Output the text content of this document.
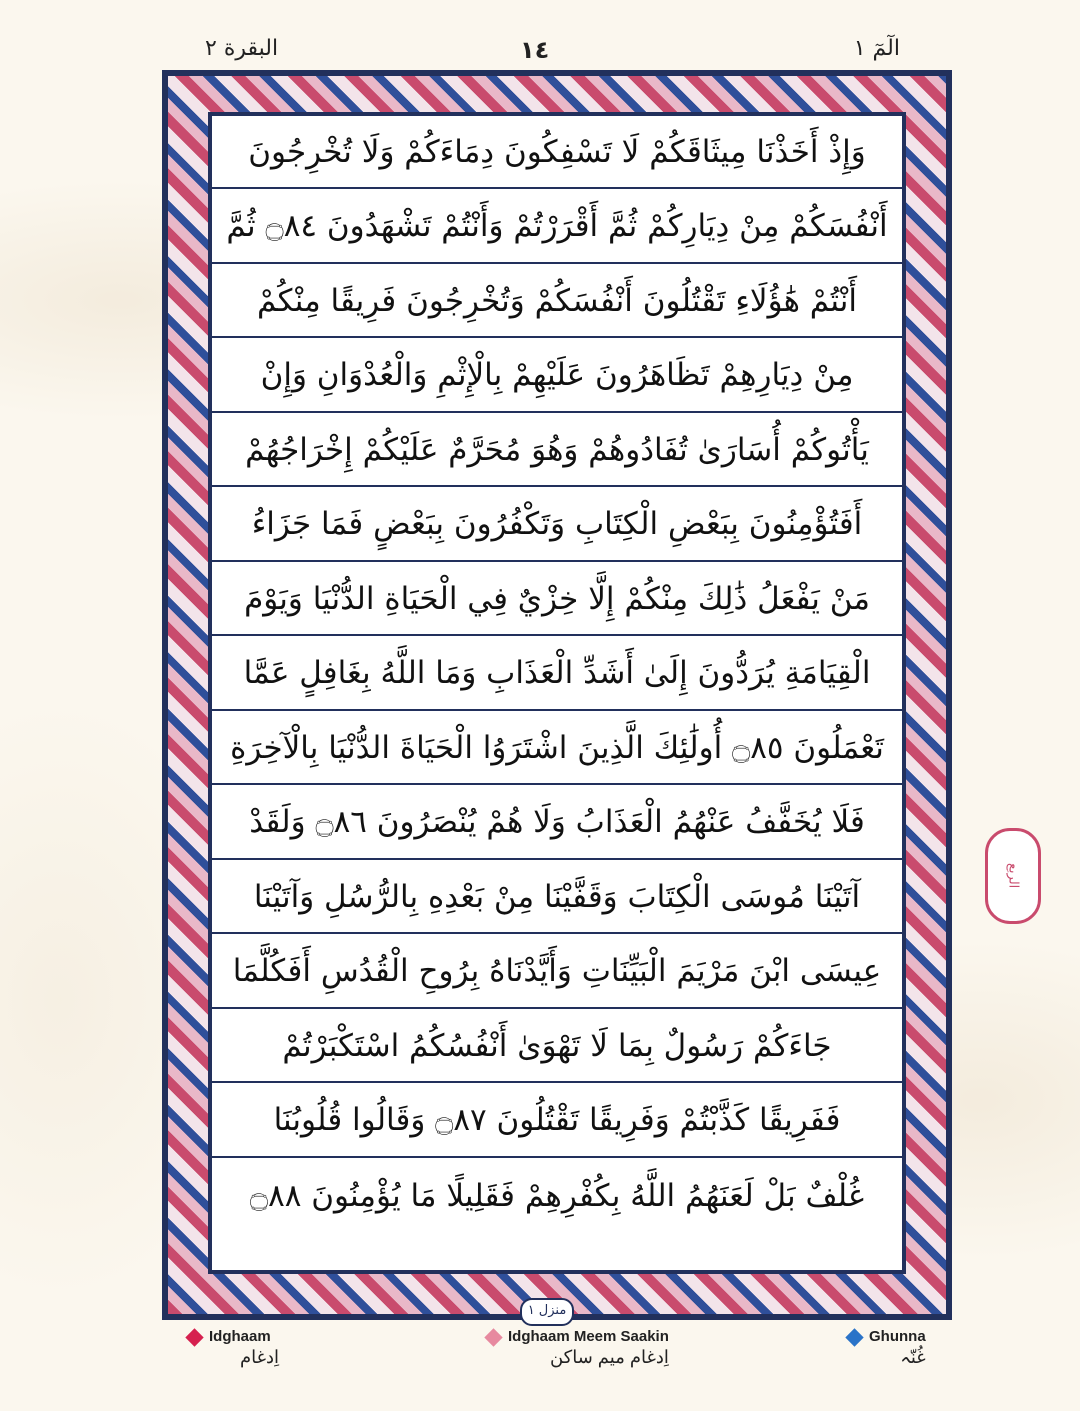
البقرة ٢	١٤	الٓمٓ ١
وَإِذْ أَخَذْنَا مِيثَاقَكُمْ لَا تَسْفِكُونَ دِمَاءَكُمْ وَلَا تُخْرِجُونَ
أَنْفُسَكُمْ مِنْ دِيَارِكُمْ ثُمَّ أَقْرَرْتُمْ وَأَنْتُمْ تَشْهَدُونَ ۝٨٤ ثُمَّ
أَنْتُمْ هَٰؤُلَاءِ تَقْتُلُونَ أَنْفُسَكُمْ وَتُخْرِجُونَ فَرِيقًا مِنْكُمْ
مِنْ دِيَارِهِمْ تَظَاهَرُونَ عَلَيْهِمْ بِالْإِثْمِ وَالْعُدْوَانِ وَإِنْ
يَأْتُوكُمْ أُسَارَىٰ تُفَادُوهُمْ وَهُوَ مُحَرَّمٌ عَلَيْكُمْ إِخْرَاجُهُمْ
أَفَتُؤْمِنُونَ بِبَعْضِ الْكِتَابِ وَتَكْفُرُونَ بِبَعْضٍ فَمَا جَزَاءُ
مَنْ يَفْعَلُ ذَٰلِكَ مِنْكُمْ إِلَّا خِزْيٌ فِي الْحَيَاةِ الدُّنْيَا وَيَوْمَ
الْقِيَامَةِ يُرَدُّونَ إِلَىٰ أَشَدِّ الْعَذَابِ وَمَا اللَّهُ بِغَافِلٍ عَمَّا
تَعْمَلُونَ ۝٨٥ أُولَٰئِكَ الَّذِينَ اشْتَرَوُا الْحَيَاةَ الدُّنْيَا بِالْآخِرَةِ
فَلَا يُخَفَّفُ عَنْهُمُ الْعَذَابُ وَلَا هُمْ يُنْصَرُونَ ۝٨٦ وَلَقَدْ
آتَيْنَا مُوسَى الْكِتَابَ وَقَفَّيْنَا مِنْ بَعْدِهِ بِالرُّسُلِ وَآتَيْنَا
عِيسَى ابْنَ مَرْيَمَ الْبَيِّنَاتِ وَأَيَّدْنَاهُ بِرُوحِ الْقُدُسِ أَفَكُلَّمَا
جَاءَكُمْ رَسُولٌ بِمَا لَا تَهْوَىٰ أَنْفُسُكُمُ اسْتَكْبَرْتُمْ
فَفَرِيقًا كَذَّبْتُمْ وَفَرِيقًا تَقْتُلُونَ ۝٨٧ وَقَالُوا قُلُوبُنَا
غُلْفٌ بَلْ لَعَنَهُمُ اللَّهُ بِكُفْرِهِمْ فَقَلِيلًا مَا يُؤْمِنُونَ ۝٨٨
الربع
منزل ١
Idghaam
اِدغام
Idghaam Meem Saakin
اِدغام میم ساکن
Ghunna
غُنّہ
